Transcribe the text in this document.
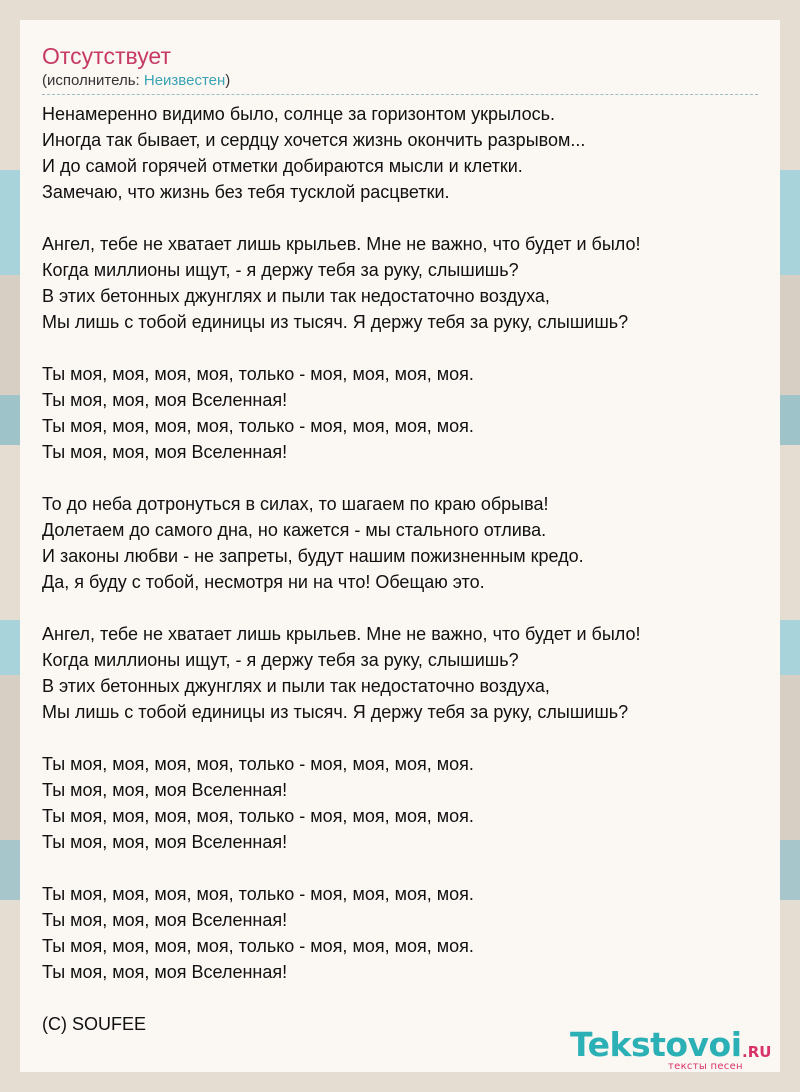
Отсутствует
(исполнитель: Неизвестен)
Ненамеренно видимо было, солнце за горизонтом укрылось.
Иногда так бывает, и сердцу хочется жизнь окончить разрывом...
И до самой горячей отметки добираются мысли и клетки.
Замечаю, что жизнь без тебя тусклой расцветки.
Ангел, тебе не хватает лишь крыльев. Мне не важно, что будет и было!
Когда миллионы ищут, - я держу тебя за руку, слышишь?
В этих бетонных джунглях и пыли так недостаточно воздуха,
Мы лишь с тобой единицы из тысяч. Я держу тебя за руку, слышишь?
Ты моя, моя, моя, моя, только - моя, моя, моя, моя.
Ты моя, моя, моя Вселенная!
Ты моя, моя, моя, моя, только - моя, моя, моя, моя.
Ты моя, моя, моя Вселенная!
То до неба дотронуться в силах, то шагаем по краю обрыва!
Долетаем до самого дна, но кажется - мы стального отлива.
И законы любви - не запреты, будут нашим пожизненным кредо.
Да, я буду с тобой, несмотря ни на что! Обещаю это.
Ангел, тебе не хватает лишь крыльев. Мне не важно, что будет и было!
Когда миллионы ищут, - я держу тебя за руку, слышишь?
В этих бетонных джунглях и пыли так недостаточно воздуха,
Мы лишь с тобой единицы из тысяч. Я держу тебя за руку, слышишь?
Ты моя, моя, моя, моя, только - моя, моя, моя, моя.
Ты моя, моя, моя Вселенная!
Ты моя, моя, моя, моя, только - моя, моя, моя, моя.
Ты моя, моя, моя Вселенная!
Ты моя, моя, моя, моя, только - моя, моя, моя, моя.
Ты моя, моя, моя Вселенная!
Ты моя, моя, моя, моя, только - моя, моя, моя, моя.
Ты моя, моя, моя Вселенная!
(C) SOUFEE
Tekstovoi .RU
тексты песен
